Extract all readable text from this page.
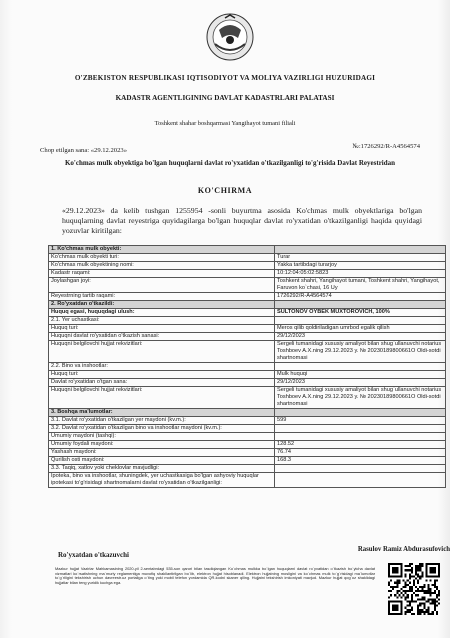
O'ZBEKISTON RESPUBLIKASI IQTISODIYOT VA MOLIYA VAZIRLIGI HUZURIDAGI
KADASTR AGENTLIGINING DAVLAT KADASTRLARI PALATASI
Toshkent shahar boshqarmasi Yangihayot tumani filiali
Chop etilgan sana: «29.12.2023»
№:1726292/R-A4564574
Ko'chmas mulk obyektiga bo'lgan huquqlarni davlat ro'yxatidan o'tkazilganligi to'g'risida Davlat Reyestridan
KO'CHIRMA
«29.12.2023» da kelib tushgan 1255954 -sonli buyurtma asosida Ko'chmas mulk obyektlariga bo'lgan huquqlarning davlat reyestriga quyidagilarga bo'lgan huquqlar davlat ro'yxatidan o'tkazilganligi haqida quyidagi yozuvlar kiritilgan:
1. Ko'chmas mulk obyekti:	
Ko'chmas mulk obyekti turi:	Turar
Ko'chmas mulk obyektining nomi:	Yakka tartibdagi turarjoy
Kadastr raqami:	10:12:04:05:02:5823
Joylashgan joyi:	Toshkent shahri, Yangihayot tumani, Toshkent shahri, Yangihayot, Faruvon ko`chasi, 16 Uy
Reyestrning tartib raqami:	1726292/R-A4564574
2. Ro'yxatdan o'tkazildi:	
Huquq egasi, huquqdagi ulush:	SULTONOV OYBEK MUXTOROVICH, 100%
2.1. Yer uchastkasi:	
Huquq turi:	Meros qilib qoldiriladigan umrbod egalik qilish
Huquqni davlat ro'yxatidan o'tkazish sanasi:	29/12/2023
Huquqni belgilovchi hujjat rekvizitlari:	Sergeli tumanidagi xususiy amaliyot bilan shug`ullanuvchi notarius Toshboev A.X.ning 29.12.2023 y. № 20230189800661O Oldi-sotdi shartnomasi
2.2. Bino va inshootlar:	
Huquq turi:	Mulk huquqi
Davlat ro'yxatidan o'tgan sana:	29/12/2023
Huquqni belgilovchi hujjat rekvizitlari:	Sergeli tumanidagi xususiy amaliyot bilan shug`ullanuvchi notarius Toshboev A.X.ning 29.12.2023 y. № 20230189800661O Oldi-sotdi shartnomasi
3. Boshqa ma'lumotlar:	
3.1. Davlat ro'yxatidan o'tkazilgan yer maydoni (kv.m.):	599
3.2. Davlat ro'yxatidan o'tkazilgan bino va inshootlar maydoni (kv.m.):	
Umumiy maydoni (tashqi):	
Umumiy foydali maydoni:	128.52
Yashash maydoni:	76.74
Qurilish osti maydoni:	168.3
3.3. Taqiq, xatlov yoki cheklovlar mavjudligi:	
Ipoteka, bino va inshootlar, shuningdek, yer uchastkasiga bo'lgan ashyoviy huquqlar ipotekasi to'g'risidagi shartnomalarni davlat ro'yxatidan o'tkazilganligi:	
Ro'yxatdan o'tkazuvchi
Rasulov Ramiz Abdurasufovich
Mazkur hujjat Vazirlar Mahkamasining 2020-yil 2-sentabrdagi 535-son qarori bilan tasdiqlangan Ko`chmas mulkka bo`lgan huquqlarni davlat ro`yxatidan o`tkazish bo`yicha davlat xizmatlari ko`rsatishning ma`muriy reglamentiga muvofiq shakllantirilgan bo`lib, elektron hujjat hisoblanadi. Elektron hujjatning mosligini va ko`chmas mulk to`g`risidagi ma`lumotlar to`g`riligini tekshirish uchun davreestr.uz portaliga o`ting yoki mobil telefon yordamida QR-kodni skaner qiling. Hujjatni tekshirish imkoniyati mavjud. Mazkur hujjat qog`oz shaklidagi hujjatlar bilan teng yuridik kuchga ega.
